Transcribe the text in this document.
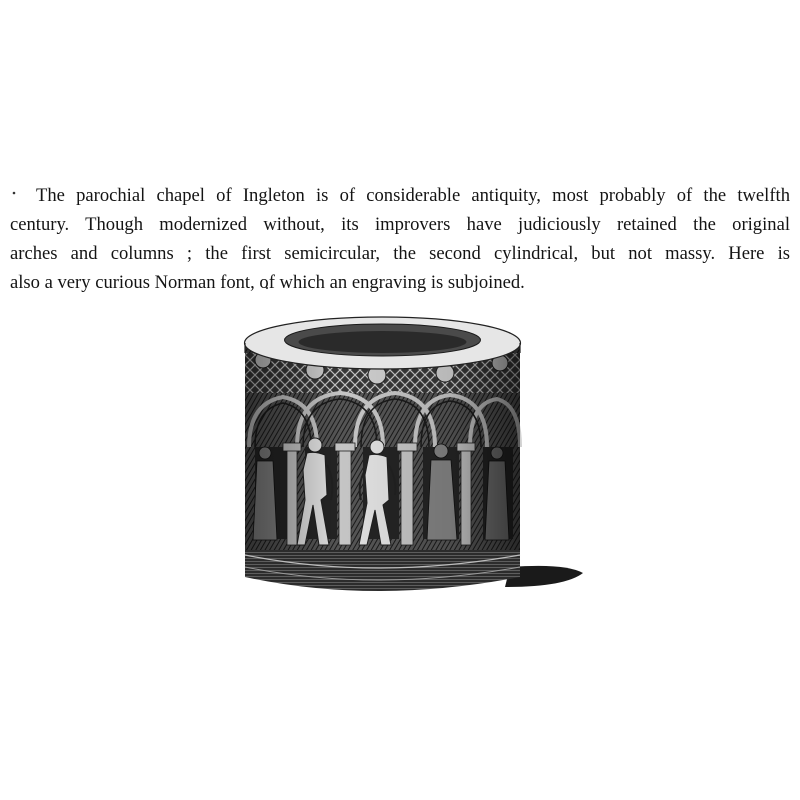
The parochial chapel of Ingleton is of considerable antiquity, most probably of the twelfth
century. Though modernized without, its improvers have judiciously retained the original
arches and columns ; the first semicircular, the second cylindrical, but not massy. Here is
also a very curious Norman font, of which an engraving is subjoined.
